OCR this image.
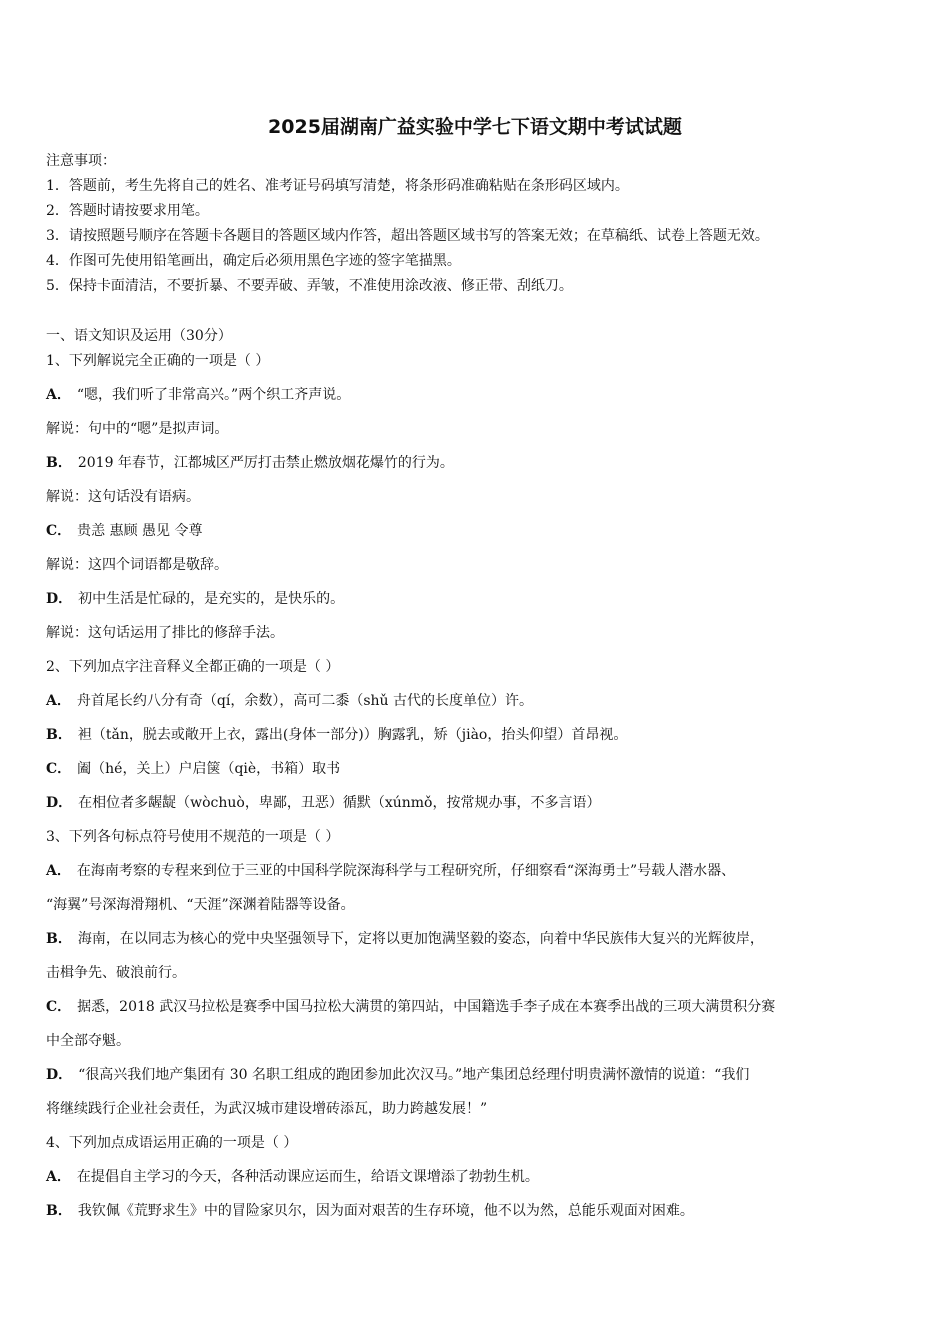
2025届湖南广益实验中学七下语文期中考试试题
注意事项：
1．答题前，考生先将自己的姓名、准考证号码填写清楚，将条形码准确粘贴在条形码区域内。
2．答题时请按要求用笔。
3．请按照题号顺序在答题卡各题目的答题区域内作答，超出答题区域书写的答案无效；在草稿纸、试卷上答题无效。
4．作图可先使用铅笔画出，确定后必须用黑色字迹的签字笔描黑。
5．保持卡面清洁，不要折暴、不要弄破、弄皱，不准使用涂改液、修正带、刮纸刀。
一、语文知识及运用（30分）
1、下列解说完全正确的一项是（ ）
A． “嗯，我们听了非常高兴。”两个织工齐声说。
解说：句中的“嗯”是拟声词。
B． 2019 年春节，江都城区严厉打击禁止燃放烟花爆竹的行为。
解说：这句话没有语病。
C． 贵恙 惠顾 愚见 令尊
解说：这四个词语都是敬辞。
D． 初中生活是忙碌的，是充实的，是快乐的。
解说：这句话运用了排比的修辞手法。
2、下列加点字注音释义全都正确的一项是（ ）
A． 舟首尾长约八分有奇（qí，余数），高可二黍（shǔ 古代的长度单位）许。
B． 袒（tǎn，脱去或敞开上衣，露出(身体一部分)）胸露乳，矫（jiào，抬头仰望）首昂视。
C． 阖（hé，关上）户启箧（qiè，书箱）取书
D． 在相位者多龌龊（wòchuò，卑鄙，丑恶）循默（xúnmǒ，按常规办事，不多言语）
3、下列各句标点符号使用不规范的一项是（ ）
A． 在海南考察的专程来到位于三亚的中国科学院深海科学与工程研究所，仔细察看“深海勇士”号载人潜水器、
“海翼”号深海滑翔机、“天涯”深渊着陆器等设备。
B． 海南，在以同志为核心的党中央坚强领导下，定将以更加饱满坚毅的姿态，向着中华民族伟大复兴的光辉彼岸，
击楫争先、破浪前行。
C． 据悉，2018 武汉马拉松是赛季中国马拉松大满贯的第四站，中国籍选手李子成在本赛季出战的三项大满贯积分赛
中全部夺魁。
D． “很高兴我们地产集团有 30 名职工组成的跑团参加此次汉马。”地产集团总经理付明贵满怀激情的说道：“我们
将继续践行企业社会责任，为武汉城市建设增砖添瓦，助力跨越发展！”
4、下列加点成语运用正确的一项是（ ）
A． 在提倡自主学习的今天，各种活动课应运而生，给语文课增添了勃勃生机。
B． 我钦佩《荒野求生》中的冒险家贝尔，因为面对艰苦的生存环境，他不以为然，总能乐观面对困难。
